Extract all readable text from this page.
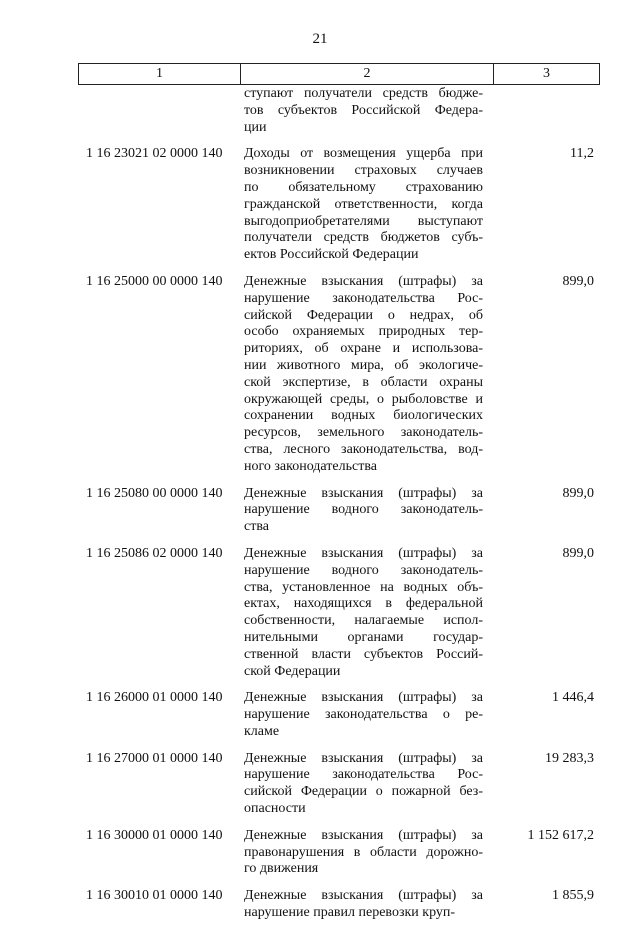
21
1	2	3
ступают получатели средств бюдже-
тов субъектов Российской Федера-
ции
1 16 23021 02 0000 140	Доходы от возмещения ущерба при
возникновении страховых случаев
по обязательному страхованию
гражданской ответственности, когда
выгодоприобретателями выступают
получатели средств бюджетов субъ-
ектов Российской Федерации
11,2
1 16 25000 00 0000 140	Денежные взыскания (штрафы) за
нарушение законодательства Рос-
сийской Федерации о недрах, об
особо охраняемых природных тер-
риториях, об охране и использова-
нии животного мира, об экологиче-
ской экспертизе, в области охраны
окружающей среды, о рыболовстве и
сохранении водных биологических
ресурсов, земельного законодатель-
ства, лесного законодательства, вод-
ного законодательства
899,0
1 16 25080 00 0000 140	Денежные взыскания (штрафы) за
нарушение водного законодатель-
ства
899,0
1 16 25086 02 0000 140	Денежные взыскания (штрафы) за
нарушение водного законодатель-
ства, установленное на водных объ-
ектах, находящихся в федеральной
собственности, налагаемые испол-
нительными органами государ-
ственной власти субъектов Россий-
ской Федерации
899,0
1 16 26000 01 0000 140	Денежные взыскания (штрафы) за
нарушение законодательства о ре-
кламе
1 446,4
1 16 27000 01 0000 140	Денежные взыскания (штрафы) за
нарушение законодательства Рос-
сийской Федерации о пожарной без-
опасности
19 283,3
1 16 30000 01 0000 140	Денежные взыскания (штрафы) за
правонарушения в области дорожно-
го движения
1 152 617,2
1 16 30010 01 0000 140	Денежные взыскания (штрафы) за
нарушение правил перевозки круп-
1 855,9
